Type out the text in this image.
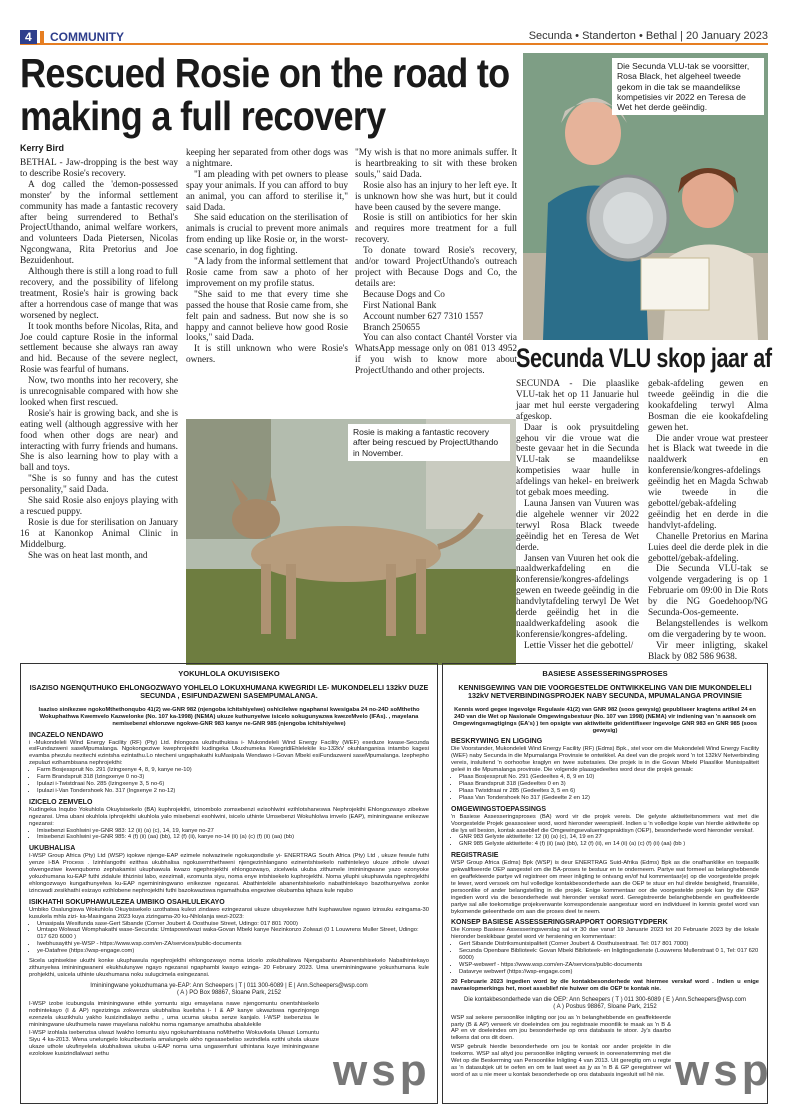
4	COMMUNITY	Secunda • Standerton • Bethal | 20 January 2023
Rescued Rosie on the road to making a full recovery
Kerry Bird

BETHAL - Jaw-dropping is the best way to describe Rosie's recovery.

A dog called the 'demon-possessed monster' by the informal settlement community has made a fantastic recovery after being surrendered to Bethal's ProjectUthando, animal welfare workers, and volunteers Dada Pietersen, Nicolas Ngcongwana, Rita Pretorius and Joe Bezuidenhout.

Although there is still a long road to full recovery, and the possibility of lifelong treatment, Rosie's hair is growing back after a horrendous case of mange that was worsened by neglect.

It took months before Nicolas, Rita, and Joe could capture Rosie in the informal settlement because she always ran away and hid. Because of the severe neglect, Rosie was fearful of humans.

Now, two months into her recovery, she is unrecognisable compared with how she looked when first rescued.

Rosie's hair is growing back, and she is eating well (although aggressive with her food when other dogs are near) and interacting with furry friends and humans. She is also learning how to play with a ball and toys.

"She is so funny and has the cutest personality," said Dada.

She said Rosie also enjoys playing with a rescued puppy.

Rosie is due for sterilisation on January 16 at Kanonkop Animal Clinic in Middelburg.

She was on heat last month, and

keeping her separated from other dogs was a nightmare.

"I am pleading with pet owners to please spay your animals. If you can afford to buy an animal, you can afford to sterilise it," said Dada.

She said education on the sterilisation of animals is crucial to prevent more animals from ending up like Rosie or, in the worst-case scenario, in dog fighting.

"A lady from the informal settlement that Rosie came from saw a photo of her improvement on my profile status.

"She said to me that every time she passed the house that Rosie came from, she felt pain and sadness. But now she is so happy and cannot believe how good Rosie looks," said Dada.

It is still unknown who were Rosie's owners.

"My wish is that no more animals suffer. It is heartbreaking to sit with these broken souls," said Dada.

Rosie also has an injury to her left eye. It is unknown how she was hurt, but it could have been caused by the severe mange.

Rosie is still on antibiotics for her skin and requires more treatment for a full recovery.

To donate toward Rosie's recovery, and/or toward ProjectUthando's outreach project with Because Dogs and Co, the details are:

Because Dogs and Co
First National Bank
Account number 627 7310 1557
Branch 250655

You can also contact Chantél Vorster via WhatsApp message only on 081 013 4952 if you wish to know more about ProjectUthando and other projects.

Die Secunda VLU-tak se voorsitter, Rosa Black, het algeheel tweede gekom in die tak se maandelikse kompetisies vir 2022 en Teresa de Wet het derde geëindig.
Rosie is making a fantastic recovery after being rescued by ProjectUthando in November.
Secunda VLU skop jaar af

SECUNDA - Die plaaslike VLU-tak het op 11 Januarie hul jaar met hul eerste vergadering afgeskop.

Daar is ook prysuitdeling gehou vir die vroue wat die beste gevaar het in die Secunda VLU-tak se maandelikse kompetisies waar hulle in afdelings van hekel- en breiwerk tot gebak moes meeding.

Launa Jansen van Vuuren was die algehele wenner vir 2022 terwyl Rosa Black tweede geëindig het en Teresa de Wet derde.

Jansen van Vuuren het ook die naaldwerkafdeling en die konferensie/kongres-afdelings gewen en tweede geëindig in die handvlytafdeling terwyl De Wet derde geëindig het in die naaldwerkafdeling asook die konferensie/kongres-afdeling.

Lettie Visser het die gebottel/

gebak-afdeling gewen en tweede geëindig in die die kookafdeling terwyl Alma Bosman die eie kookafdeling gewen het.

Die ander vroue wat presteer het is Black wat tweede in die naaldwerk en konferensie/kongres-afdelings geëindig het en Magda Schwab wie tweede in die gebottel/gebak-afdeling geëindig het en derde in die handvlyt-afdeling.

Chanelle Pretorius en Marina Luies deel die derde plek in die gebottel/gebak-afdeling.

Die Secunda VLU-tak se volgende vergadering is op 1 Februarie om 09:00 in Die Rots by die NG Goedehoop/NG Secunda-Oos-gemeente.

Belangstellendes is welkom om die vergadering by te woon.

Vir meer inligting, skakel Black by 082 586 9638.

YOKUHLOLA OKUYISISEKO
ISAZISO NGENQUTHUKO EHLONGOZWAYO YOHLELO LOKUXHUMANA KWEGRIDI LE- MUKONDELELI 132kV DUZE SECUNDA , ESIFUNDAZWENI SASEMPUMALANGA.
Isaziso sinikezwe ngokoMthethonqubo 41(2) we-GNR 982 (njengoba ichitshiyelwe) oshicilelwe ngaphansi kwesigaba 24 no-24D soMthetho Wokuphathwa Kwemvelo Kazwelonke (No. 107 ka-1998) (NEMA) ukuze kuthunyelwe isicelo sokugunyazwa kwezeMvelo (IFAs). , mayelana nemisebenzi ehlonzwe ngokwe-GNR 983 kanye ne-GNR 985 (njengoba ichitshiyelwe)
INCAZELO NENDAWO
i -Mukondeleli Wind Energy Facility (RF) (Pty) Ltd. ihlongoza ukuthuthukisa i- Mukondeleli Wind Energy Facility (WEF) eseduze kwase-Secunda esiFundazweni saseMpumalanga. Ngokongeziwe kwephrojekthi kudingeka Ukuxhumeka KwegridiEhlelekile ku-132kV okuhlanganisa intambo kagesi evamba phezulu nezitechi ezintsha ezintathu.Lo ntecheni ungaphakathi kuMasipala Wendawo i-Govan Mbeki esiFundazweni saseMpumalanga. Izephepho zepulazi ezihambisana nephrojekthi:
• Farm Bosjesspruit No. 291 (Izingxenye 4, 8, 9, kanye ne-10)
• Farm Brandspruit 318 (Izingxenye 0 no-3)
• Ipulazi i-Twistdraai No. 285 (Izingxenye 3, 5 no-6)
• Ipulazi i-Van Tondershoek No. 317 (Ingxenye 2 no-12)
IZICELO ZEMVELO
Kudingeka Inqubo Yokuhlola Okuyisisekelo (BA) kuphrojekthi, izinombolo zomsebenzi ezisohlwini ezihlotshaneswa Nephrojekthi Ehlongozwayo zibekwe ngezansi. Uma ubani okuhlola iphrojekthi ukuhlola yalo misebenzi esohlwini, isicelo uthinte Umsebenzi Wokuhlolwa imvelo (EAP), mininingwane enikezwe ngezansi:
• Imisebenzi Esohlwini ye-GNR 983: 12 (ii) (a) (c), 14, 19, kanye no-27
• Imisebenzi Esohlwini ye-GNR 985: 4 (f) (ii) (aa) (bb), 12 (f) (ii), kanye no-14 (ii) (a) (c) (f) (ii) (aa) (bb)
UKUBHALISA
I-WSP Group Africa (Pty) Ltd (WSP) iqokwe njenge-EAP ezimele nolwazinele ngokuqondisile yi- ENERTRAG South Africa (Pty) Ltd , ukuze fewule futhi yenze i-BA Process . Izinhlangothi ezithsa ukubhalisa ngokusemthethweni njengezinhlangano ezinentshisekelo nathinteleyo ukuze zithole ulwazi olwengeziwe kwenqubomo zephakamisi ukuphawula kwazo ngephrojekthi ehlongozwayo, zicelwela ukuba zithumele imininingwane yazo ezonyoke yokuxhumana ku-EAP futhi zidalule ithizinisi labo, ezezimali, ezomunta siyu, noma enye intshisekelo kuphrojekthi. Noma yiluphi ukuphawula ngephrojekthi ehlongozwayo kungathunyelwa ku-EAP ngemininingwano enikezwe ngezansi. Abathintekile abanentshisekelo nabathintekayo bazothunyelwa zonke izincwadi zesikhathi esizayo ezihlobene nephrojekthi futhi bazokwaziswa ngamathuba engeziwe okubamba iqhaza kule nqubo
ISIKHATHI SOKUPHAWULEZEA UMBIKO OSAHLULEKAYO
Umbiko Osalungiswa Wokuhlola Okuyisisekelo uzothatwa kulezi zindawo ezingezansi ukuze ubuyekezwe futhi kuphawulwe ngawo izinsuku ezingama-30 kusukela mhla zizi- ka-Masingana 2023 kuya zizingama-20 ku-Nhlolanja wezi-2023:
• Umasipala Wesifunda sase-Gert Sibande (Corner Joubert & Oosthuise Street, Udingo: 017 801 7000)
• Umtapo Wolwazi Womphakathi wase-Secunda: Umtapowolwazi waka-Govan Mbeki kanye Nezinkonzo Zolwazi (0 1 Louwrens Muller Street, Udingo: 017 620 6000 )
• Iwebhusayithi ye-WSP - https://www.wsp.com/en-ZA/services/public-documents
• ye-Datafree (https://wsp-engage.com)
Sicela uqinisekise ukuthi konke ukuphawula ngephrojekthi ehlongozwayo noma izicelo zokubhaliswa Njengabantu Abanentshisekelo Nabathintekayo zithunyelwa imininingwaneni ekukhulunywe ngayo ngezansi ngaphambi kwayo ezinga- 20 February 2023. Uma unemininingwane yokuxhumana kule prohjekthi, usicela uthinte ukuxhumana noku sulugcimela esingezansi.
Imininingwane yokuxhumana ye-EAP: Ann Scheepers | T | 011 300-6089 | E | Ann.Scheepers@wsp.com
( A ) PO Box 98867, Sloane Park, 2152
I-WSP izobe icubungula imininingwane ethile yomuntu sigu emayelana nawe njengomuntu onentshisekelo nothintekayo (I & AP) ngezizinga zokwenza ukubhalisa kuelisha i- I & AP kanye ukwaziswa ngezinjongo ezenzela ukuzikhulu yakho kusizindlalayo sethu , uma ucuma ukuba senze kanjalo. I-WSP isebenzisa le mininingwane ukuthumela nawe mayelana nalokhu noma ngamanye amathuba abalulekile
I-WSP izohlala isebenzisa ulwazi lwakho lomuntu siyu ngokuhambisana noMthetho Wokuvikela Ulwazi Lomuntu Siyu 4 ka-2013. Wena unelungelo lokuzibezisela amalungelo akho ngesasebeliso sezindlela ezithi uhola ukuze ukaze uthole ukufinyelela ukubhaliswa ukuba u-EAP noma uma ungasemfuni uthintana kuye imininingwane ezolokwe kusizindlalwazi sethu	wsp
BASIESE ASSESSERINGSPROSES
KENNISGEWING VAN DIE VOORGESTELDE ONTWIKKELING VAN DIE MUKONDELELI 132kV NETVERBINDINGSPROJEK NABY SECUNDA, MPUMALANGA PROVINSIE
Kennis word gegee ingevolge Regulasie 41(2) van GNR 982 (soos gewysig) gepubliseer kragtens artikel 24 en 24D van die Wet op Nasionale Omgewingsbestuur (No. 107 van 1998) (NEMA) vir indiening van 'n aansoek om Omgewingsmagtigings (EA's) ) ten opsigte van aktiwiteite geïdentifiseer ingevolge GNR 983 en GNR 985 (soos gewysig)
BESKRYWING EN LIGGING
Die Voorstander, Mukondeleli Wind Energy Facility (RF) (Edms) Bpk., stel voor om die Mukondeleli Wind Energy Facility (WEF) naby Secunda in die Mpumalanga Provinsie te ontwikkel. As deel van die projek word 'n tot 132kV Netverbinding vereis, insluitend 'n oorhoofse kraglyn en twee substasies. Die projek is in die Govan Mbeki Plaaslike Munisipaliteit geleë in die Mpumalanga provinsie. Die volgende plaasgedeeltes word deur die projek geraak:
• Plaas Bosjesspruit No. 291 (Gedeeltes 4, 8, 9 en 10)
• Plaas Brandspruit 318 (Gedeeltes 0 en 3)
• Plaas Twistdraai nr 285 (Gedeeltes 3, 5 en 6)
• Plaas Van Tondershoek No 317 (Gedeelte 2 en 12)
OMGEWINGSTOEPASSINGS
'n Basiese Assesseringsproses (BA) word vir die projek vereis. Die gelyste aktiwiteitsnommers wat met die Voorgestelde Projek geassosieer word, word hieronder weerspieël. Indien u 'n volledige kopie van hierdie aktiwiteite op die lys wil besion, kontak asseblief die Omgewingsevalueringspraktisyn (OEP), besonderhede word hieronder verskaf.
• GNR 983 Gelyste aktiwiteite: 12 (ii) (a) (c), 14, 19 en 27
• GNR 985 Gelyste aktiwiteite: 4 (f) (ii) (aa) (bb), 12 (f) (ii), en 14 (ii) (a) (c) (f) (ii) (aa) (bb )
REGISTRASIE
WSP Group Africa (Edms) Bpk (WSP) is deur ENERTRAG Suid-Afrika (Edms) Bpk as die onafhanklike en toepaslik gekwalifiseerde OEP aangestel om die BA-proses te bestuur en te onderneem. Partye wat formeel as belanghebbende en geaffekteerde partye wil registreer om meer inligting te ontvang en/of hul kommentaar(e) op die voorgestelde projek te lewer, word versoek om hul volledige kontakbesonderhede aan die OEP te stuur en hul direkte besigheid, finansiële, persoonlike of ander belangstelling in die projek. Enige kommentaar oor die voorgestelde projek kan by die OEP ingedien word via die besonderhede wat hieronder verskaf word. Geregistreerde belanghebbende en geaffekteerde partye sal alle toekomstige projekverwante korrespondensie aangestuur word en individueel in kennis gestel word van bykomende geleenthede om aan die proses deel te neem.
KONSEP BASIESE ASSESSERINGSRAPPORT OORSIGTYDPERK
Die Konsep Basiese Assesseringsverslag sal vir 30 dae vanaf 19 Januarie 2023 tot 20 Februarie 2023 by die lokale hieronder beskikbaar gestel word vir hersiening en kommentaar:
• Gert Sibande Distriksmunisipaliteit (Corner Joubert & Oosthuisestraat. Tel: 017 801 7000)
• Secunda Openbare Biblioteek: Govan Mbeki Biblioteek- en Inligtingsdienste (Louwrens Mullerstraat 0 1, Tel: 017 620 6000)
• WSP-webwerf - https://www.wsp.com/en-ZA/services/public-documents
• Datavrye webwerf (https://wsp-engage.com)
20 Februarie 2023 ingedien word by die kontakbesonderhede wat hiermee verskaf word . Indien u enige navrae/opmerkings het, moet asseblief nie huiwer om die OEP te kontak nie.
Die kontakbesonderhede van die OEP: Ann Scheepers ( T ) 011 300-6089 ( E ) Ann.Scheepers@wsp.com
( A ) Posbus 98867, Sloane Park, 2152
WSP sal sekere persoonlike inligting oor jou as 'n belanghebbende en geaffekteerde party (B & AP) verwerk vir doeleindes om jou registrasie moontlik te maak as 'n B & AP en vir doeleindes om jou besonderhede op ons databasis te stoor. Jy's daarbo telkens dat ons dit doen.
WSP gebruik hierdie besonderhede om jou te kontak oor ander projekte in die toekoms. WSP sal altyd jou persoonlike inligting verwerk in ooreenstemming met die Wet op die Beskerming van Persoonlike Inligting 4 van 2013. Uit geregtig om u regte as 'n datasubjek uit te oefen en om te laat weet as jy as 'n B & GP geregistreer wil word of as u nie meer u kontak besonderhede op ons databasis ingesluit wil hê nie. wsp
